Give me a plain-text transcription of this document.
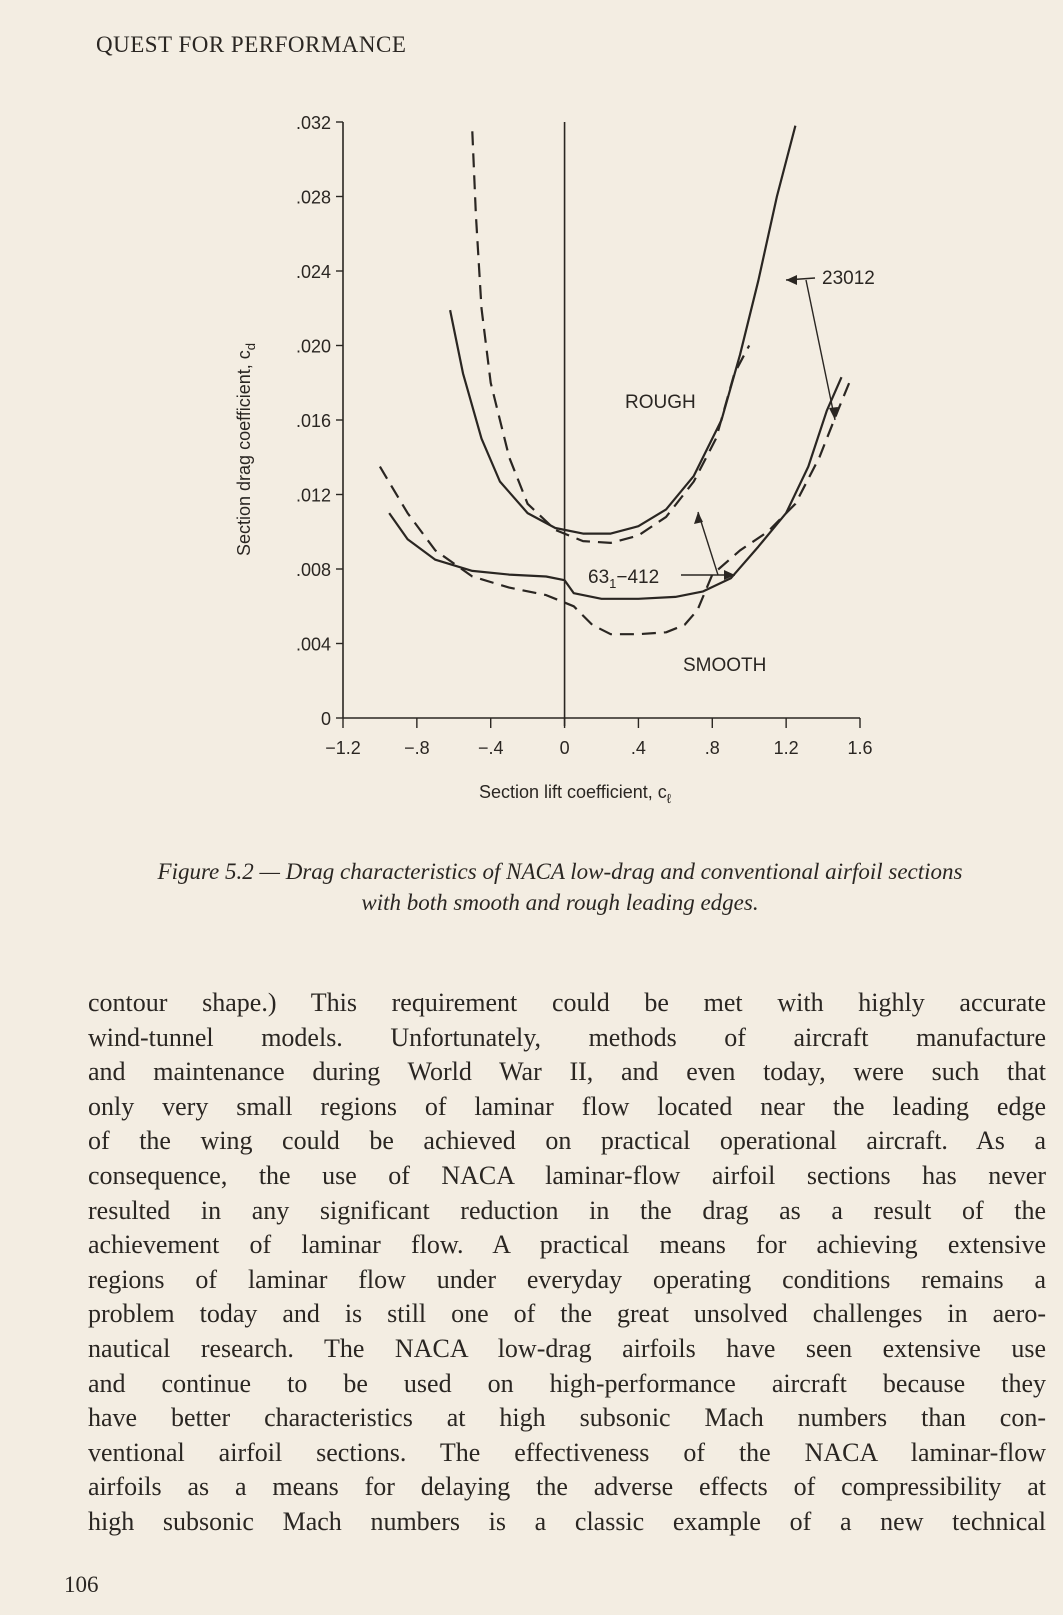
QUEST FOR PERFORMANCE
0
.004
.008
.012
.016
.020
.024
.028
.032
−1.2 −.8	−.4	0	.4	.8	1.2	1.6
ROUGH
SMOOTH
23012
$63_1-412$
Section lift coefficient, $c_\ell$
Section drag coefficient, $c_d$
Figure 5.2 — Drag characteristics of NACA low-drag and conventional airfoil sections
with both smooth and rough leading edges.
contour shape.) This requirement could be met with highly accurate
wind-tunnel models. Unfortunately, methods of aircraft manufacture
and maintenance during World War II, and even today, were such that
only very small regions of laminar flow located near the leading edge
of the wing could be achieved on practical operational aircraft. As a
consequence, the use of NACA laminar-flow airfoil sections has never
resulted in any significant reduction in the drag as a result of the
achievement of laminar flow. A practical means for achieving extensive
regions of laminar flow under everyday operating conditions remains a
problem today and is still one of the great unsolved challenges in aero-
nautical research. The NACA low-drag airfoils have seen extensive use
and continue to be used on high-performance aircraft because they
have better characteristics at high subsonic Mach numbers than con-
ventional airfoil sections. The effectiveness of the NACA laminar-flow
airfoils as a means for delaying the adverse effects of compressibility at
high subsonic Mach numbers is a classic example of a new technical
106
